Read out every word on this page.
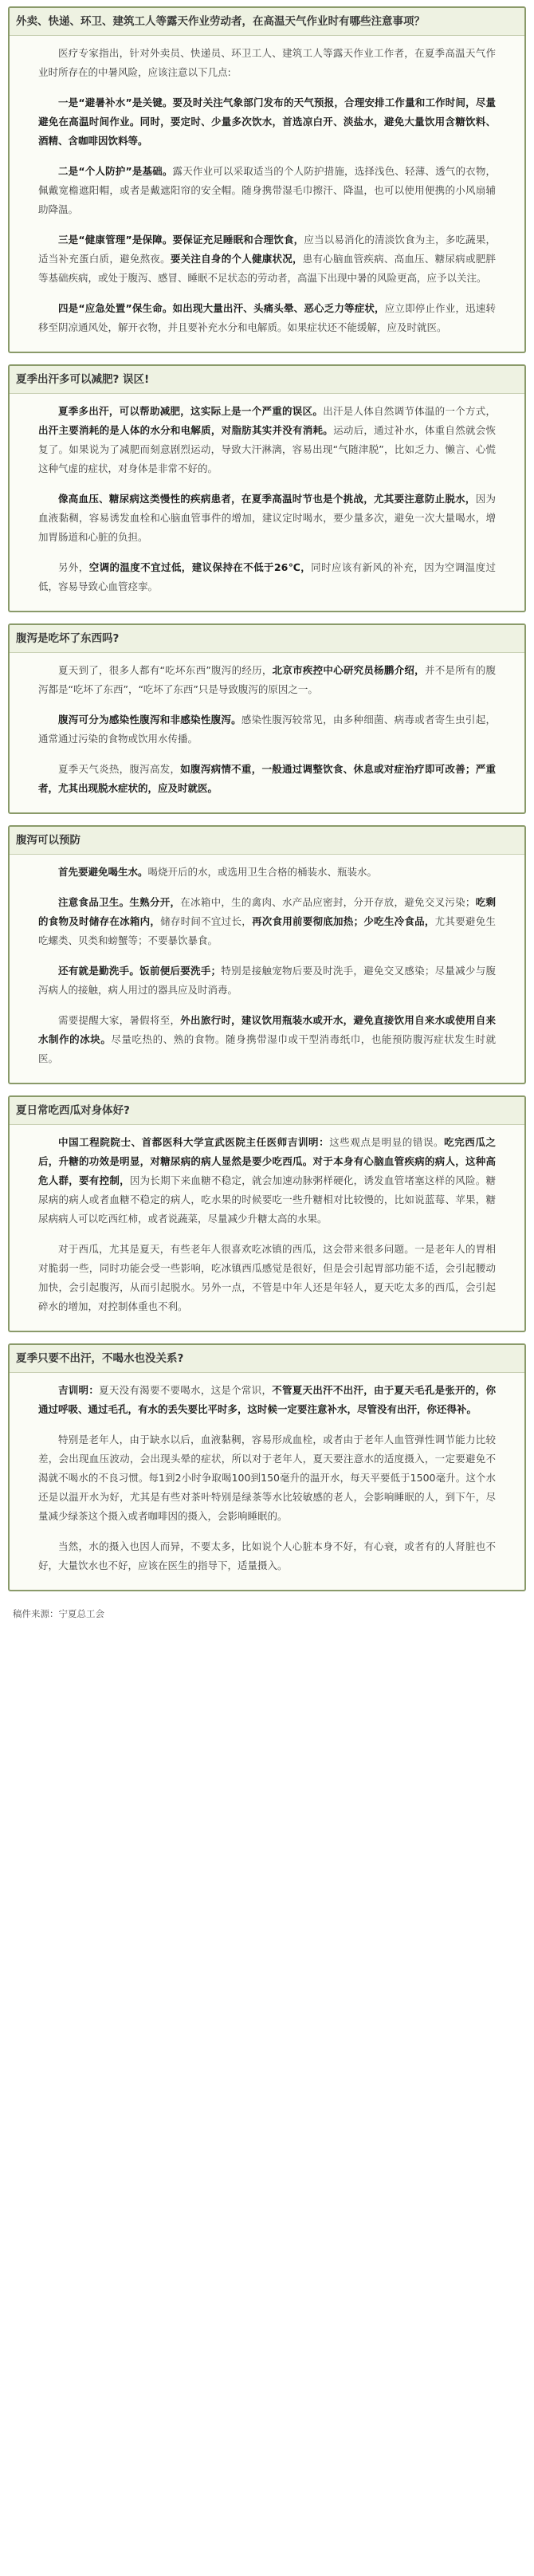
外卖、快递、环卫、建筑工人等露天作业劳动者，在高温天气作业时有哪些注意事项？

医疗专家指出，针对外卖员、快递员、环卫工人、建筑工人等露天作业工作者，在夏季高温天气作业时所存在的中暑风险，应该注意以下几点:

一是“避暑补水”是关键。要及时关注气象部门发布的天气预报，合理安排工作量和工作时间，尽量避免在高温时间作业。同时，要定时、少量多次饮水，首选凉白开、淡盐水，避免大量饮用含糖饮料、酒精、含咖啡因饮料等。

二是“个人防护”是基础。露天作业可以采取适当的个人防护措施，选择浅色、轻薄、透气的衣物，佩戴宽檐遮阳帽，或者是戴遮阳帘的安全帽。随身携带湿毛巾擦汗、降温，也可以使用便携的小风扇辅助降温。

三是“健康管理”是保障。要保证充足睡眠和合理饮食，应当以易消化的清淡饮食为主，多吃蔬果，适当补充蛋白质，避免熬夜。要关注自身的个人健康状况，患有心脑血管疾病、高血压、糖尿病或肥胖等基础疾病，或处于腹泻、感冒、睡眠不足状态的劳动者，高温下出现中暑的风险更高，应予以关注。

四是“应急处置”保生命。如出现大量出汗、头痛头晕、恶心乏力等症状，应立即停止作业，迅速转移至阴凉通风处，解开衣物，并且要补充水分和电解质。如果症状还不能缓解，应及时就医。

夏季出汗多可以减肥? 误区!

夏季多出汗，可以帮助减肥，这实际上是一个严重的误区。出汗是人体自然调节体温的一个方式，出汗主要消耗的是人体的水分和电解质，对脂肪其实并没有消耗。运动后，通过补水，体重自然就会恢复了。如果说为了减肥而刻意剧烈运动，导致大汗淋漓，容易出现“气随津脱”，比如乏力、懒言、心慌这种气虚的症状，对身体是非常不好的。

像高血压、糖尿病这类慢性的疾病患者，在夏季高温时节也是个挑战，尤其要注意防止脱水，因为血液黏稠，容易诱发血栓和心脑血管事件的增加，建议定时喝水，要少量多次，避免一次大量喝水，增加胃肠道和心脏的负担。

另外，空调的温度不宜过低，建议保持在不低于26℃，同时应该有新风的补充，因为空调温度过低，容易导致心血管痉挛。

腹泻是吃坏了东西吗?

夏天到了，很多人都有“吃坏东西”腹泻的经历，北京市疾控中心研究员杨鹏介绍，并不是所有的腹泻都是“吃坏了东西”，“吃坏了东西”只是导致腹泻的原因之一。

腹泻可分为感染性腹泻和非感染性腹泻。感染性腹泻较常见，由多种细菌、病毒或者寄生虫引起，通常通过污染的食物或饮用水传播。

夏季天气炎热，腹泻高发，如腹泻病情不重，一般通过调整饮食、休息或对症治疗即可改善；严重者，尤其出现脱水症状的，应及时就医。

腹泻可以预防

首先要避免喝生水。喝烧开后的水，或选用卫生合格的桶装水、瓶装水。

注意食品卫生。生熟分开，在冰箱中，生的禽肉、水产品应密封，分开存放，避免交叉污染；吃剩的食物及时储存在冰箱内，储存时间不宜过长，再次食用前要彻底加热；少吃生冷食品，尤其要避免生吃螺类、贝类和螃蟹等；不要暴饮暴食。

还有就是勤洗手。饭前便后要洗手；特别是接触宠物后要及时洗手，避免交叉感染；尽量减少与腹泻病人的接触，病人用过的器具应及时消毒。

需要提醒大家，暑假将至，外出旅行时，建议饮用瓶装水或开水，避免直接饮用自来水或使用自来水制作的冰块。尽量吃热的、熟的食物。随身携带湿巾或干型消毒纸巾，也能预防腹泻症状发生时就医。

夏日常吃西瓜对身体好?

中国工程院院士、首都医科大学宣武医院主任医师吉训明：这些观点是明显的错误。吃完西瓜之后，升糖的功效是明显，对糖尿病的病人显然是要少吃西瓜。对于本身有心脑血管疾病的病人，这种高危人群，要有控制，因为长期下来血糖不稳定，就会加速动脉粥样硬化，诱发血管堵塞这样的风险。糖尿病的病人或者血糖不稳定的病人，吃水果的时候要吃一些升糖相对比较慢的，比如说蓝莓、苹果，糖尿病病人可以吃西红柿，或者说蔬菜，尽量减少升糖太高的水果。

对于西瓜，尤其是夏天，有些老年人很喜欢吃冰镇的西瓜，这会带来很多问题。一是老年人的胃相对脆弱一些，同时功能会受一些影响，吃冰镇西瓜感觉是很好，但是会引起胃部功能不适，会引起腰动加快，会引起腹泻，从而引起脱水。另外一点，不管是中年人还是年轻人，夏天吃太多的西瓜，会引起碎水的增加，对控制体重也不利。

夏季只要不出汗，不喝水也没关系?

吉训明：夏天没有渴要不要喝水，这是个常识，不管夏天出汗不出汗，由于夏天毛孔是张开的，你通过呼吸、通过毛孔，有水的丢失要比平时多，这时候一定要注意补水，尽管没有出汗，你还得补。

特别是老年人，由于缺水以后，血液黏稠，容易形成血栓，或者由于老年人血管弹性调节能力比较差，会出现血压波动，会出现头晕的症状，所以对于老年人，夏天要注意水的适度摄入，一定要避免不渴就不喝水的不良习惯。每1到2小时争取喝100到150毫升的温开水，每天平要低于1500毫升。这个水还是以温开水为好，尤其是有些对茶叶特别是绿茶等水比较敏感的老人，会影响睡眠的人，到下午，尽量减少绿茶这个摄入或者咖啡因的摄入，会影响睡眠的。

当然，水的摄入也因人而异，不要太多，比如说个人心脏本身不好，有心衰，或者有的人肾脏也不好，大量饮水也不好，应该在医生的指导下，适量摄入。

稿件来源：宁夏总工会
